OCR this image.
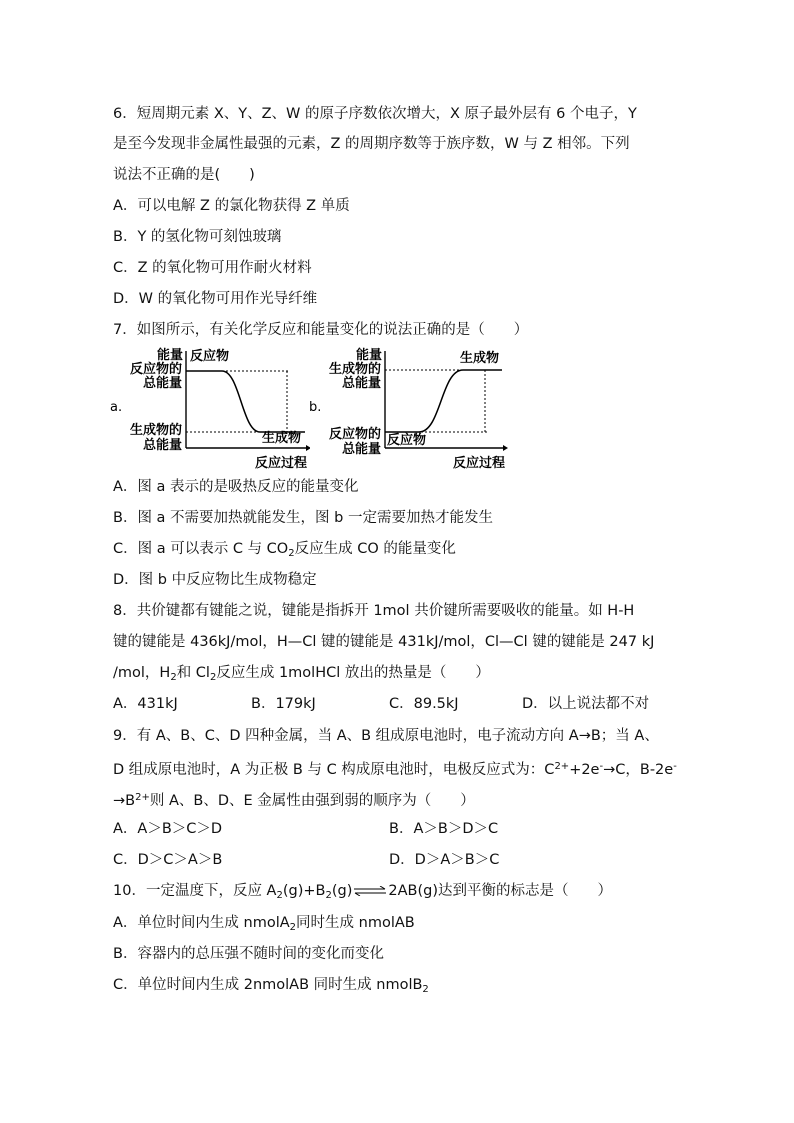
6．短周期元素 X、Y、Z、W 的原子序数依次增大，X 原子最外层有 6 个电子，Y
是至今发现非金属性最强的元素，Z 的周期序数等于族序数，W 与 Z 相邻。下列
说法不正确的是(　　)
A．可以电解 Z 的氯化物获得 Z 单质
B．Y 的氢化物可刻蚀玻璃
C．Z 的氧化物可用作耐火材料
D．W 的氧化物可用作光导纤维
7．如图所示，有关化学反应和能量变化的说法正确的是（　　）
a.
能量
反应物的
总能量
生成物的
总能量
反应物
生成物
反应过程
b.
能量
生成物的
总能量
反应物的
总能量
反应物
生成物
反应过程
A．图 a 表示的是吸热反应的能量变化
B．图 a 不需要加热就能发生，图 b 一定需要加热才能发生
C．图 a 可以表示 C 与 $CO_2$反应生成 CO 的能量变化
D．图 b 中反应物比生成物稳定
8．共价键都有键能之说，键能是指拆开 1mol 共价键所需要吸收的能量。如 H-H
键的键能是 436kJ/mol，H—Cl 键的键能是 431kJ/mol，Cl—Cl 键的键能是 247 kJ
/mol，$H_2$和 $Cl_2$反应生成 1molHCl 放出的热量是（　　）
A．431kJ	B．179kJ	C．89.5kJ	D．以上说法都不对
9．有 A、B、C、D 四种金属，当 A、B 组成原电池时，电子流动方向 A→B；当 A、
D 组成原电池时，A 为正极 B 与 C 构成原电池时，电极反应式为：$C^{2+}+2e^-\to C$，B-2e-
$\to B^{2+}$则 A、B、D、E 金属性由强到弱的顺序为（　　）
A．A＞B＞C＞D	B．A＞B＞D＞C
C．D＞C＞A＞B	D．D＞A＞B＞C
10．一定温度下，反应 $A_2(g)+B_2(g)\rightleftharpoons 2AB(g)$达到平衡的标志是（　　）
A．单位时间内生成 nmolA$_2$同时生成 nmolAB
B．容器内的总压强不随时间的变化而变化
C．单位时间内生成 2nmolAB 同时生成 nmolB$_2$
